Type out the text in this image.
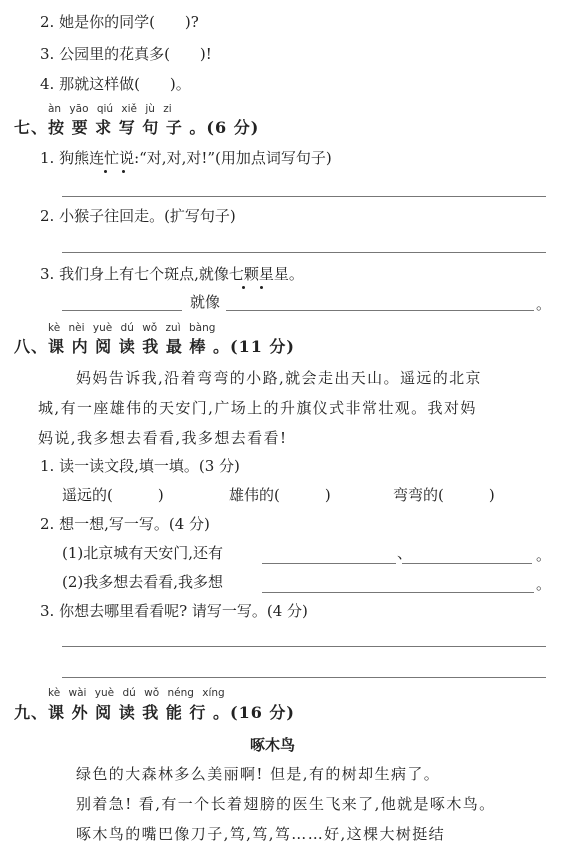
2. 她是你的同学(　　)?
3. 公园里的花真多(　　)!
4. 那就这样做(　　)。
àn yāo qiú xiě jù zi
七、按 要 求 写 句 子 。(6 分)
1. 狗熊连忙说:“对,对,对!”(用加点词写句子)
2. 小猴子往回走。(扩写句子)
3. 我们身上有七个斑点,就像七颗星星。
就像	。
kè nèi yuè dú wǒ zuì bàng
八、课 内 阅 读 我 最 棒 。(11 分)
妈妈告诉我,沿着弯弯的小路,就会走出天山。遥远的北京
城,有一座雄伟的天安门,广场上的升旗仪式非常壮观。我对妈
妈说,我多想去看看,我多想去看看!
1. 读一读文段,填一填。(3 分)
遥远的(　　　)	雄伟的(　　　)	弯弯的(　　　)
2. 想一想,写一写。(4 分)
(1)北京城有天安门,还有	、	。
(2)我多想去看看,我多想	。
3. 你想去哪里看看呢? 请写一写。(4 分)
kè wài yuè dú wǒ néng xíng
九、课 外 阅 读 我 能 行 。(16 分)
啄木鸟
绿色的大森林多么美丽啊! 但是,有的树却生病了。
别着急! 看,有一个长着翅膀的医生飞来了,他就是啄木鸟。
啄木鸟的嘴巴像刀子,笃,笃,笃……好,这棵大树挺结
